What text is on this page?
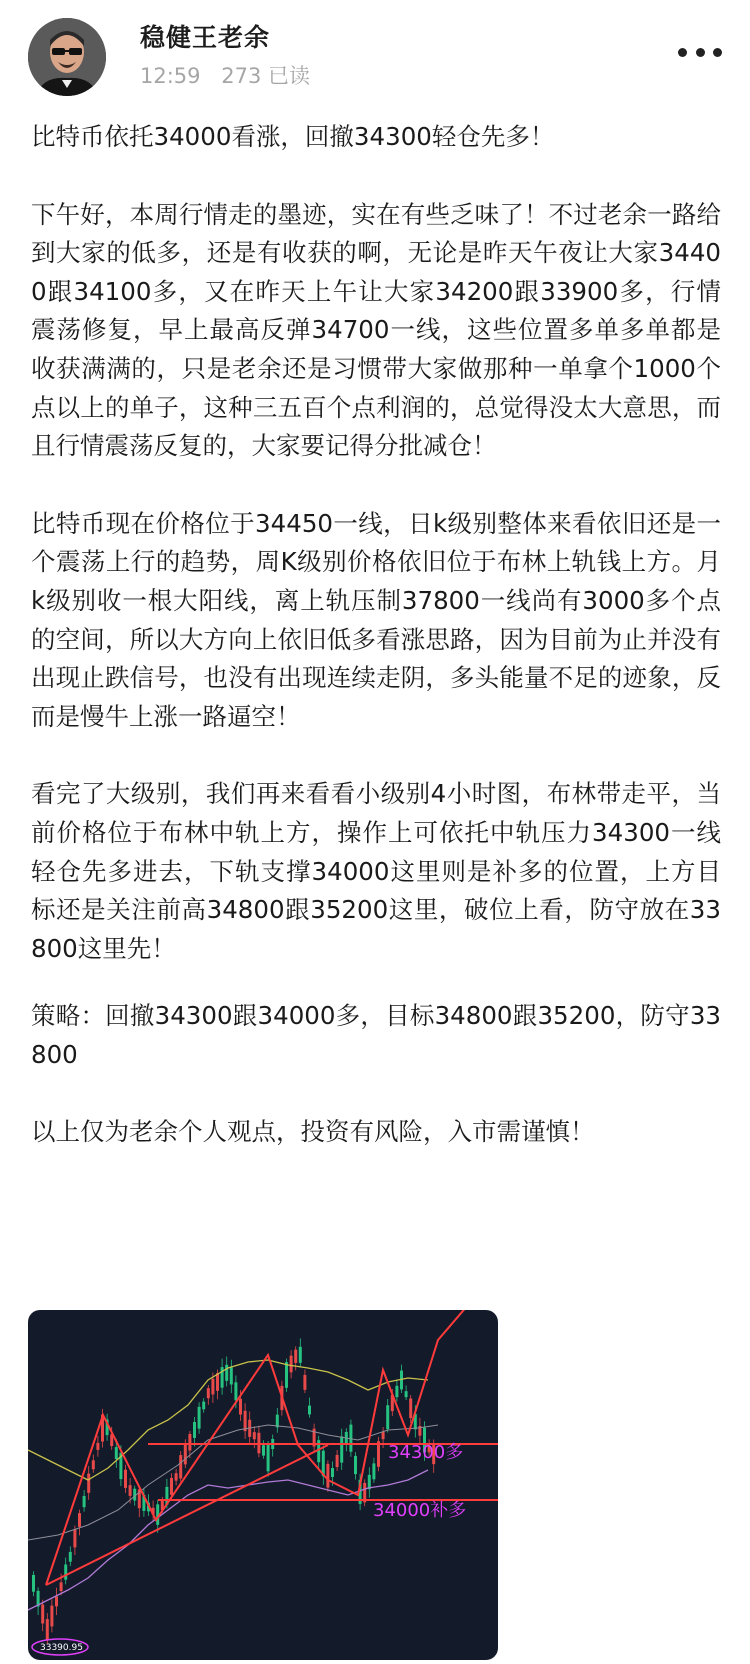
稳健王老余
12:59 273 已读

比特币依托34000看涨，回撤34300轻仓先多！

下午好，本周行情走的墨迹，实在有些乏味了！不过老余一路给到大家的低多，还是有收获的啊，无论是昨天午夜让大家34400跟34100多，又在昨天上午让大家34200跟33900多，行情震荡修复，早上最高反弹34700一线，这些位置多单多单都是收获满满的，只是老余还是习惯带大家做那种一单拿个1000个点以上的单子，这种三五百个点利润的，总觉得没太大意思，而且行情震荡反复的，大家要记得分批减仓！

比特币现在价格位于34450一线，日k级别整体来看依旧还是一个震荡上行的趋势，周K级别价格依旧位于布林上轨钱上方。月k级别收一根大阳线，离上轨压制37800一线尚有3000多个点的空间，所以大方向上依旧低多看涨思路，因为目前为止并没有出现止跌信号，也没有出现连续走阴，多头能量不足的迹象，反而是慢牛上涨一路逼空！

看完了大级别，我们再来看看小级别4小时图，布林带走平，当前价格位于布林中轨上方，操作上可依托中轨压力34300一线轻仓先多进去，下轨支撑34000这里则是补多的位置，上方目标还是关注前高34800跟35200这里，破位上看，防守放在33800这里先！

策略：回撤34300跟34000多，目标34800跟35200，防守33800

以上仅为老余个人观点，投资有风险，入市需谨慎！

34300多
34000补多
33390.95
